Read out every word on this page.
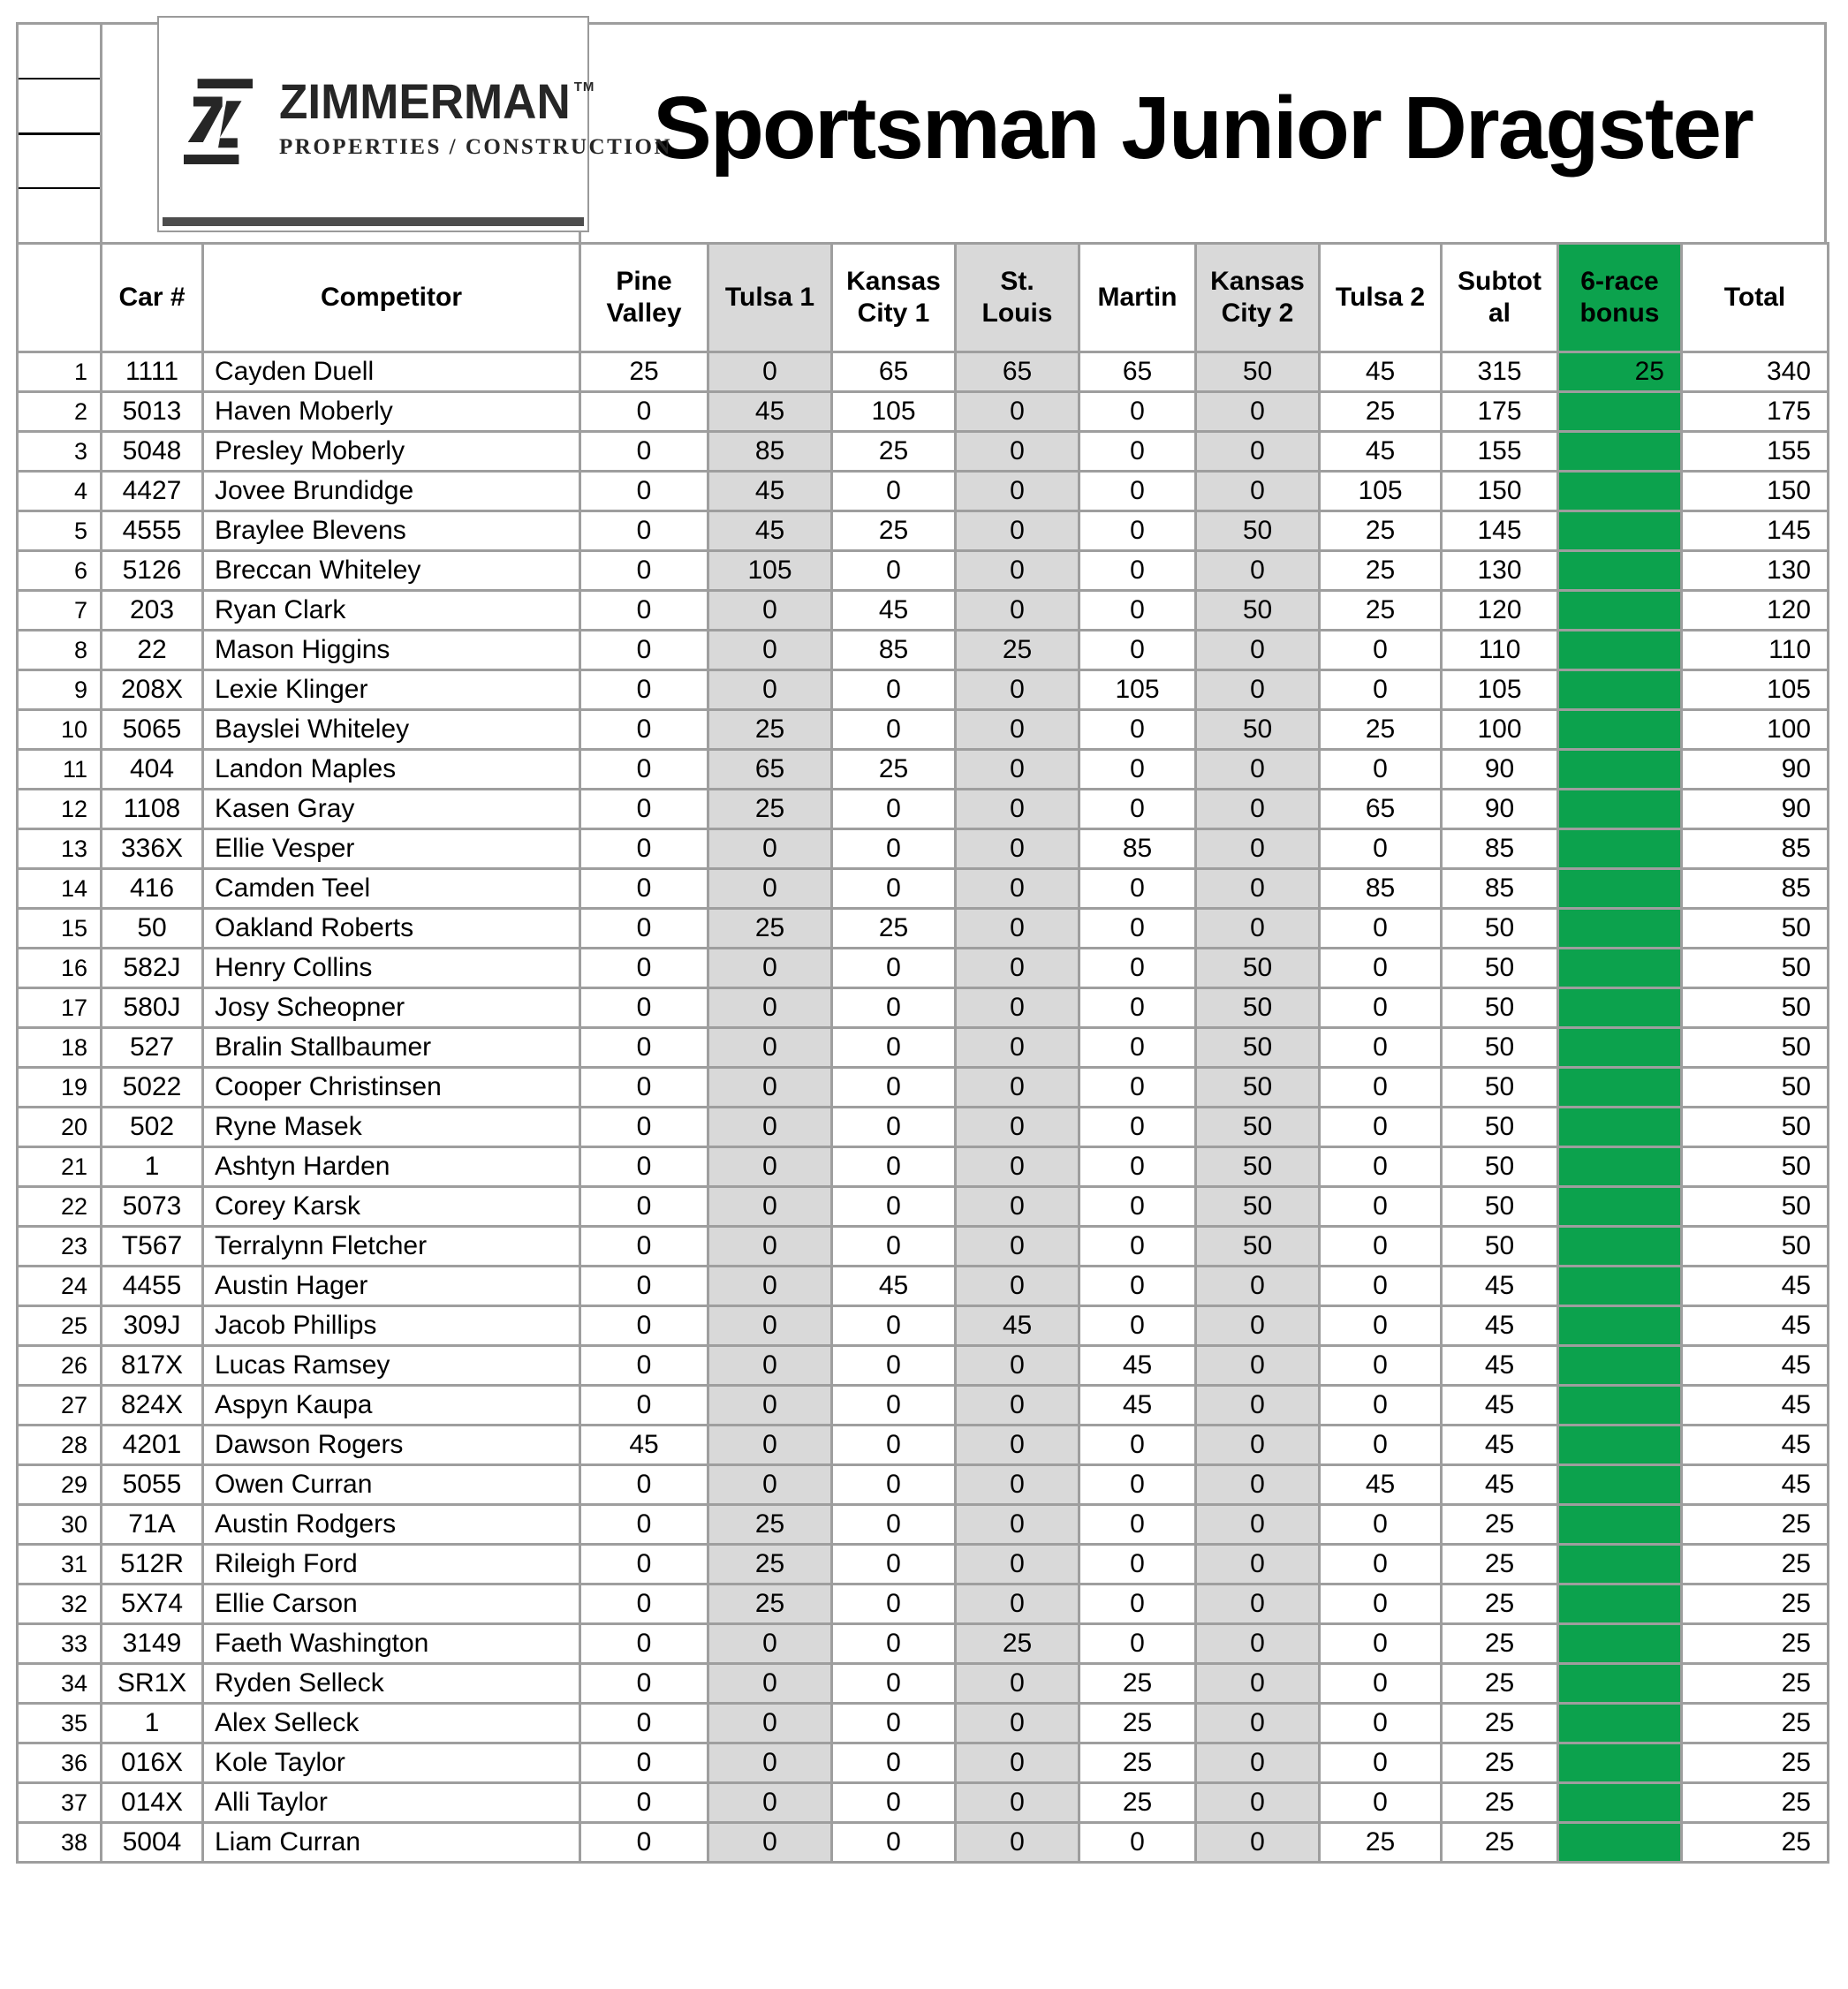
Sportsman Junior Dragster
ZIMMERMAN TM
PROPERTIES / CONSTRUCTION
	Car #	Competitor	Pine Valley	Tulsa 1	Kansas City 1	St. Louis	Martin	Kansas City 2	Tulsa 2	Subtotal	6-race bonus	Total
1	1111	Cayden Duell	25	0	65	65	65	50	45	315	25	340
2	5013	Haven Moberly	0	45	105	0	0	0	25	175		175
3	5048	Presley Moberly	0	85	25	0	0	0	45	155		155
4	4427	Jovee Brundidge	0	45	0	0	0	0	105	150		150
5	4555	Braylee Blevens	0	45	25	0	0	50	25	145		145
6	5126	Breccan Whiteley	0	105	0	0	0	0	25	130		130
7	203	Ryan Clark	0	0	45	0	0	50	25	120		120
8	22	Mason Higgins	0	0	85	25	0	0	0	110		110
9	208X	Lexie Klinger	0	0	0	0	105	0	0	105		105
10	5065	Bayslei Whiteley	0	25	0	0	0	50	25	100		100
11	404	Landon Maples	0	65	25	0	0	0	0	90		90
12	1108	Kasen Gray	0	25	0	0	0	0	65	90		90
13	336X	Ellie Vesper	0	0	0	0	85	0	0	85		85
14	416	Camden Teel	0	0	0	0	0	0	85	85		85
15	50	Oakland Roberts	0	25	25	0	0	0	0	50		50
16	582J	Henry Collins	0	0	0	0	0	50	0	50		50
17	580J	Josy Scheopner	0	0	0	0	0	50	0	50		50
18	527	Bralin Stallbaumer	0	0	0	0	0	50	0	50		50
19	5022	Cooper Christinsen	0	0	0	0	0	50	0	50		50
20	502	Ryne Masek	0	0	0	0	0	50	0	50		50
21	1	Ashtyn Harden	0	0	0	0	0	50	0	50		50
22	5073	Corey Karsk	0	0	0	0	0	50	0	50		50
23	T567	Terralynn Fletcher	0	0	0	0	0	50	0	50		50
24	4455	Austin Hager	0	0	45	0	0	0	0	45		45
25	309J	Jacob Phillips	0	0	0	45	0	0	0	45		45
26	817X	Lucas Ramsey	0	0	0	0	45	0	0	45		45
27	824X	Aspyn Kaupa	0	0	0	0	45	0	0	45		45
28	4201	Dawson Rogers	45	0	0	0	0	0	0	45		45
29	5055	Owen Curran	0	0	0	0	0	0	45	45		45
30	71A	Austin Rodgers	0	25	0	0	0	0	0	25		25
31	512R	Rileigh Ford	0	25	0	0	0	0	0	25		25
32	5X74	Ellie Carson	0	25	0	0	0	0	0	25		25
33	3149	Faeth Washington	0	0	0	25	0	0	0	25		25
34	SR1X	Ryden Selleck	0	0	0	0	25	0	0	25		25
35	1	Alex Selleck	0	0	0	0	25	0	0	25		25
36	016X	Kole Taylor	0	0	0	0	25	0	0	25		25
37	014X	Alli Taylor	0	0	0	0	25	0	0	25		25
38	5004	Liam Curran	0	0	0	0	0	0	25	25		25
